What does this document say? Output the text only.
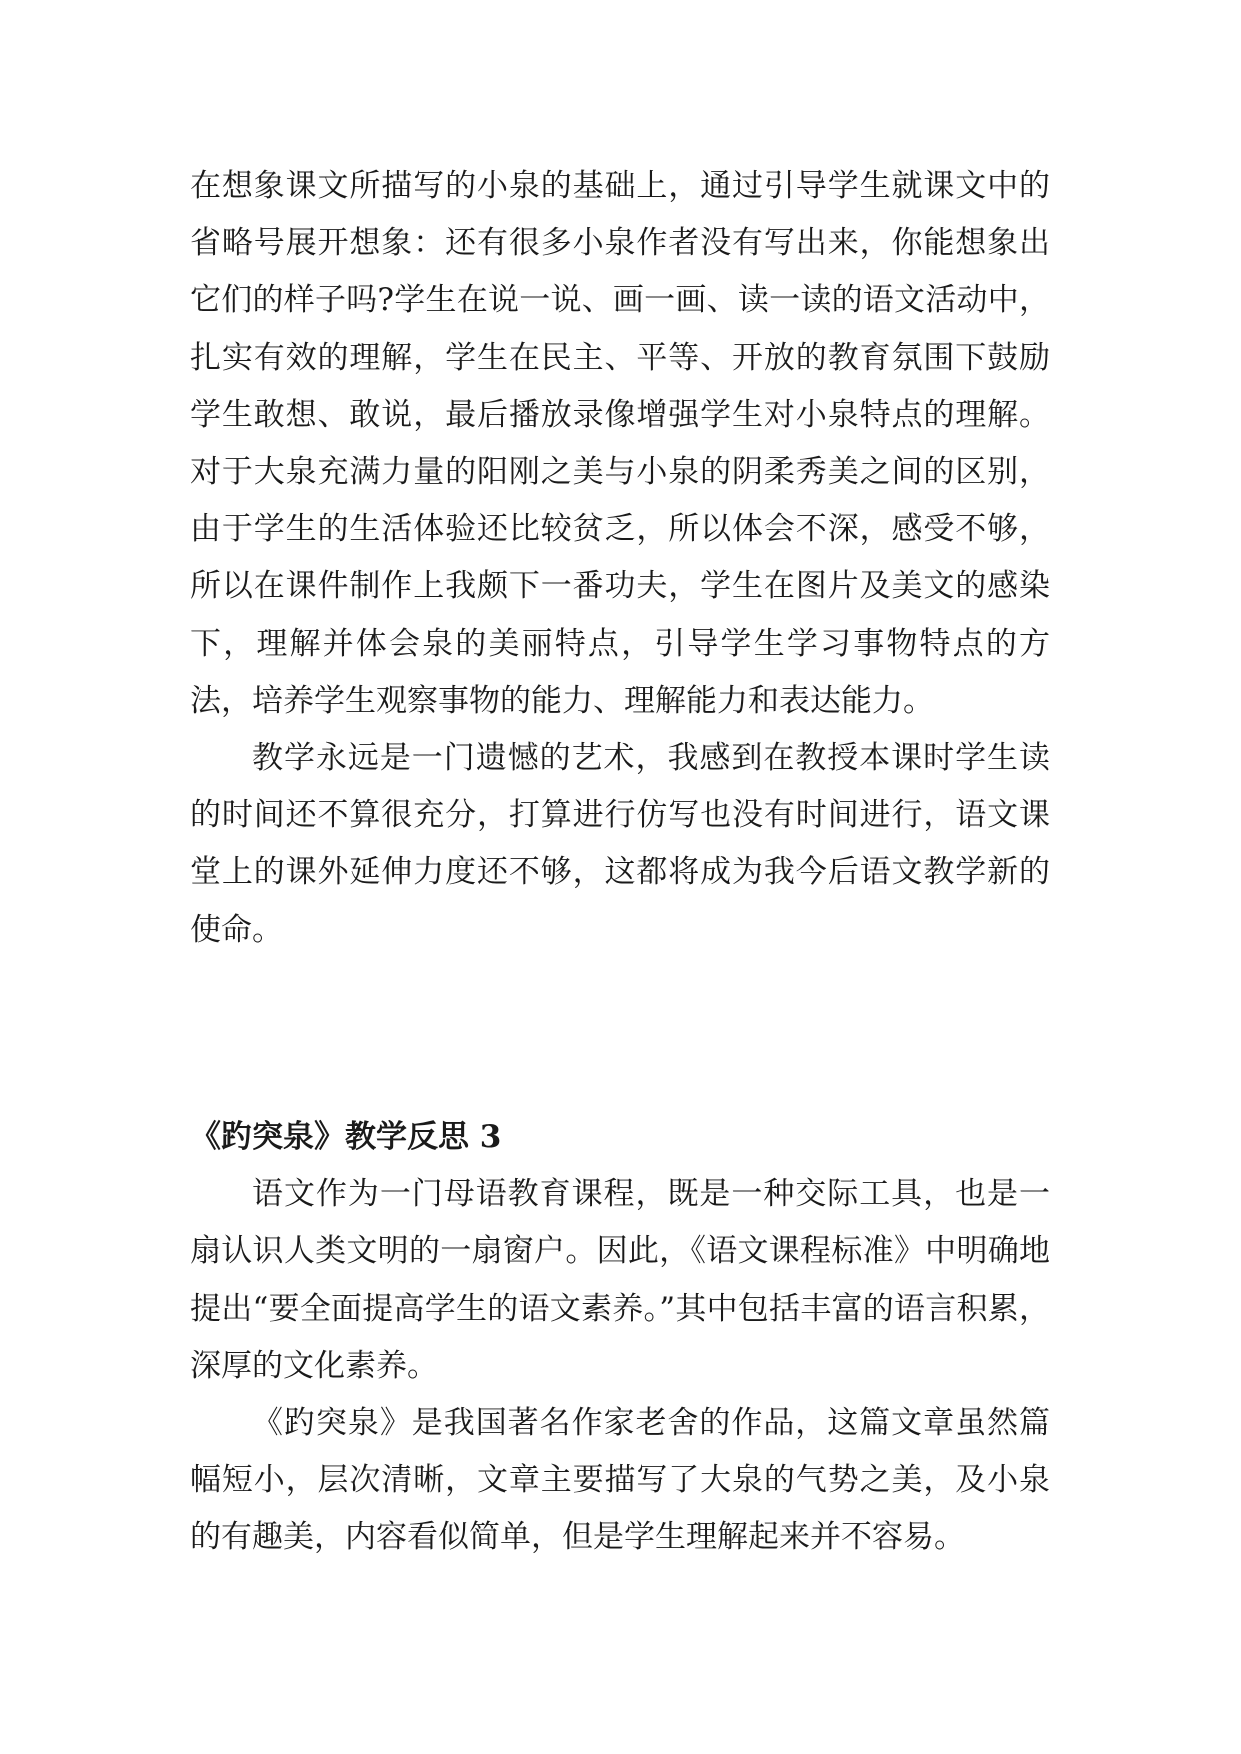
在想象课文所描写的小泉的基础上，通过引导学生就课文中的省略号展开想象：还有很多小泉作者没有写出来，你能想象出它们的样子吗?学生在说一说、画一画、读一读的语文活动中，扎实有效的理解，学生在民主、平等、开放的教育氛围下鼓励学生敢想、敢说，最后播放录像增强学生对小泉特点的理解。对于大泉充满力量的阳刚之美与小泉的阴柔秀美之间的区别，由于学生的生活体验还比较贫乏，所以体会不深，感受不够，所以在课件制作上我颇下一番功夫，学生在图片及美文的感染下，理解并体会泉的美丽特点，引导学生学习事物特点的方法，培养学生观察事物的能力、理解能力和表达能力。

教学永远是一门遗憾的艺术，我感到在教授本课时学生读的时间还不算很充分，打算进行仿写也没有时间进行，语文课堂上的课外延伸力度还不够，这都将成为我今后语文教学新的使命。

《趵突泉》教学反思 3

语文作为一门母语教育课程，既是一种交际工具，也是一扇认识人类文明的一扇窗户。因此，《语文课程标准》中明确地提出“要全面提高学生的语文素养。”其中包括丰富的语言积累，深厚的文化素养。

《趵突泉》是我国著名作家老舍的作品，这篇文章虽然篇幅短小，层次清晰，文章主要描写了大泉的气势之美，及小泉的有趣美，内容看似简单，但是学生理解起来并不容易。
